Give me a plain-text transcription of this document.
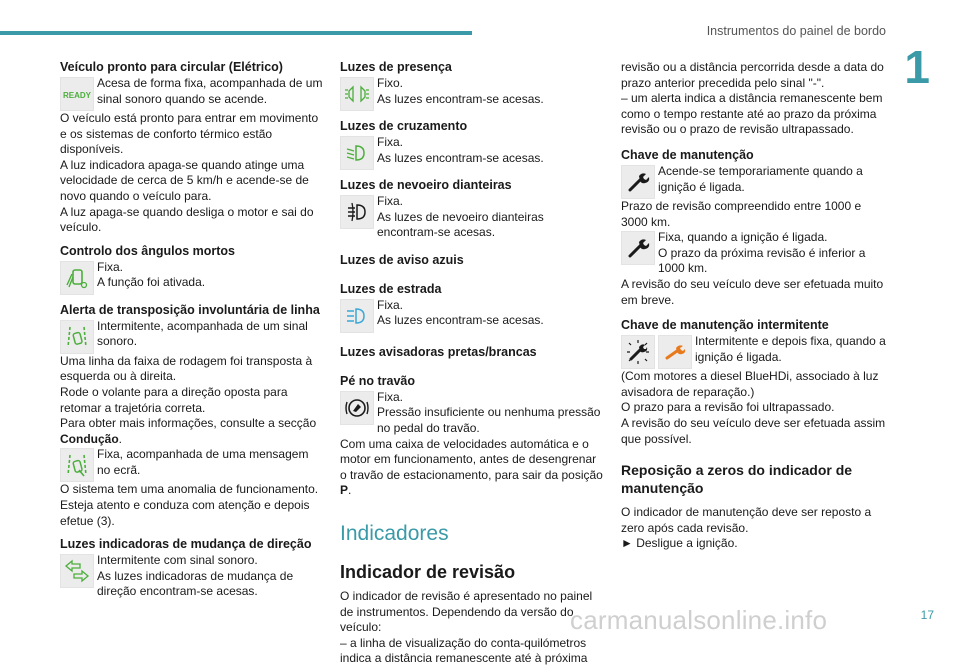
Instrumentos do painel de bordo
1
Veículo pronto para circular (Elétrico)
READY

Acesa de forma fixa, acompanhada de um sinal sonoro quando se acende.

O veículo está pronto para entrar em movimento e os sistemas de conforto térmico estão disponíveis.

A luz indicadora apaga-se quando atinge uma velocidade de cerca de 5 km/h e acende-se de novo quando o veículo para.

A luz apaga-se quando desliga o motor e sai do veículo.

Controlo dos ângulos mortos

Fixa.

A função foi ativada.

Alerta de transposição involuntária de linha

Intermitente, acompanhada de um sinal sonoro.

Uma linha da faixa de rodagem foi transposta à esquerda ou à direita.

Rode o volante para a direção oposta para retomar a trajetória correta.

Para obter mais informações, consulte a secção
Condução.

Fixa, acompanhada de uma mensagem no ecrã.

O sistema tem uma anomalia de funcionamento. Esteja atento e conduza com atenção e depois efetue (3).

Luzes indicadoras de mudança de direção

Intermitente com sinal sonoro.

As luzes indicadoras de mudança de direção encontram-se acesas.

Luzes de presença

Fixo.

As luzes encontram-se acesas.

Luzes de cruzamento

Fixa.

As luzes encontram-se acesas.

Luzes de nevoeiro dianteiras

Fixa.

As luzes de nevoeiro dianteiras encontram-se acesas.

Luzes de aviso azuis
Luzes de estrada

Fixa.

As luzes encontram-se acesas.

Luzes avisadoras pretas/brancas
Pé no travão

Fixa.

Pressão insuficiente ou nenhuma pressão no pedal do travão.

Com uma caixa de velocidades automática e o motor em funcionamento, antes de desengrenar o travão de estacionamento, para sair da posição P.

Indicadores
Indicador de revisão

O indicador de revisão é apresentado no painel de instrumentos. Dependendo da versão do veículo:

– a linha de visualização do conta-quilómetros indica a distância remanescente até à próxima

revisão ou a distância percorrida desde a data do prazo anterior precedida pelo sinal "-".

– um alerta indica a distância remanescente bem como o tempo restante até ao prazo da próxima revisão ou o prazo de revisão ultrapassado.

Chave de manutenção

Acende-se temporariamente quando a ignição é ligada.

Prazo de revisão compreendido entre 1000 e 3000 km.

Fixa, quando a ignição é ligada.

O prazo da próxima revisão é inferior a 1000 km.

A revisão do seu veículo deve ser efetuada muito em breve.

Chave de manutenção intermitente

Intermitente e depois fixa, quando a ignição é ligada.

(Com motores a diesel BlueHDi, associado à luz avisadora de reparação.)

O prazo para a revisão foi ultrapassado.

A revisão do seu veículo deve ser efetuada assim que possível.

Reposição a zeros do indicador de manutenção

O indicador de manutenção deve ser reposto a zero após cada revisão.

► Desligue a ignição.

carmanualsonline.info	17
